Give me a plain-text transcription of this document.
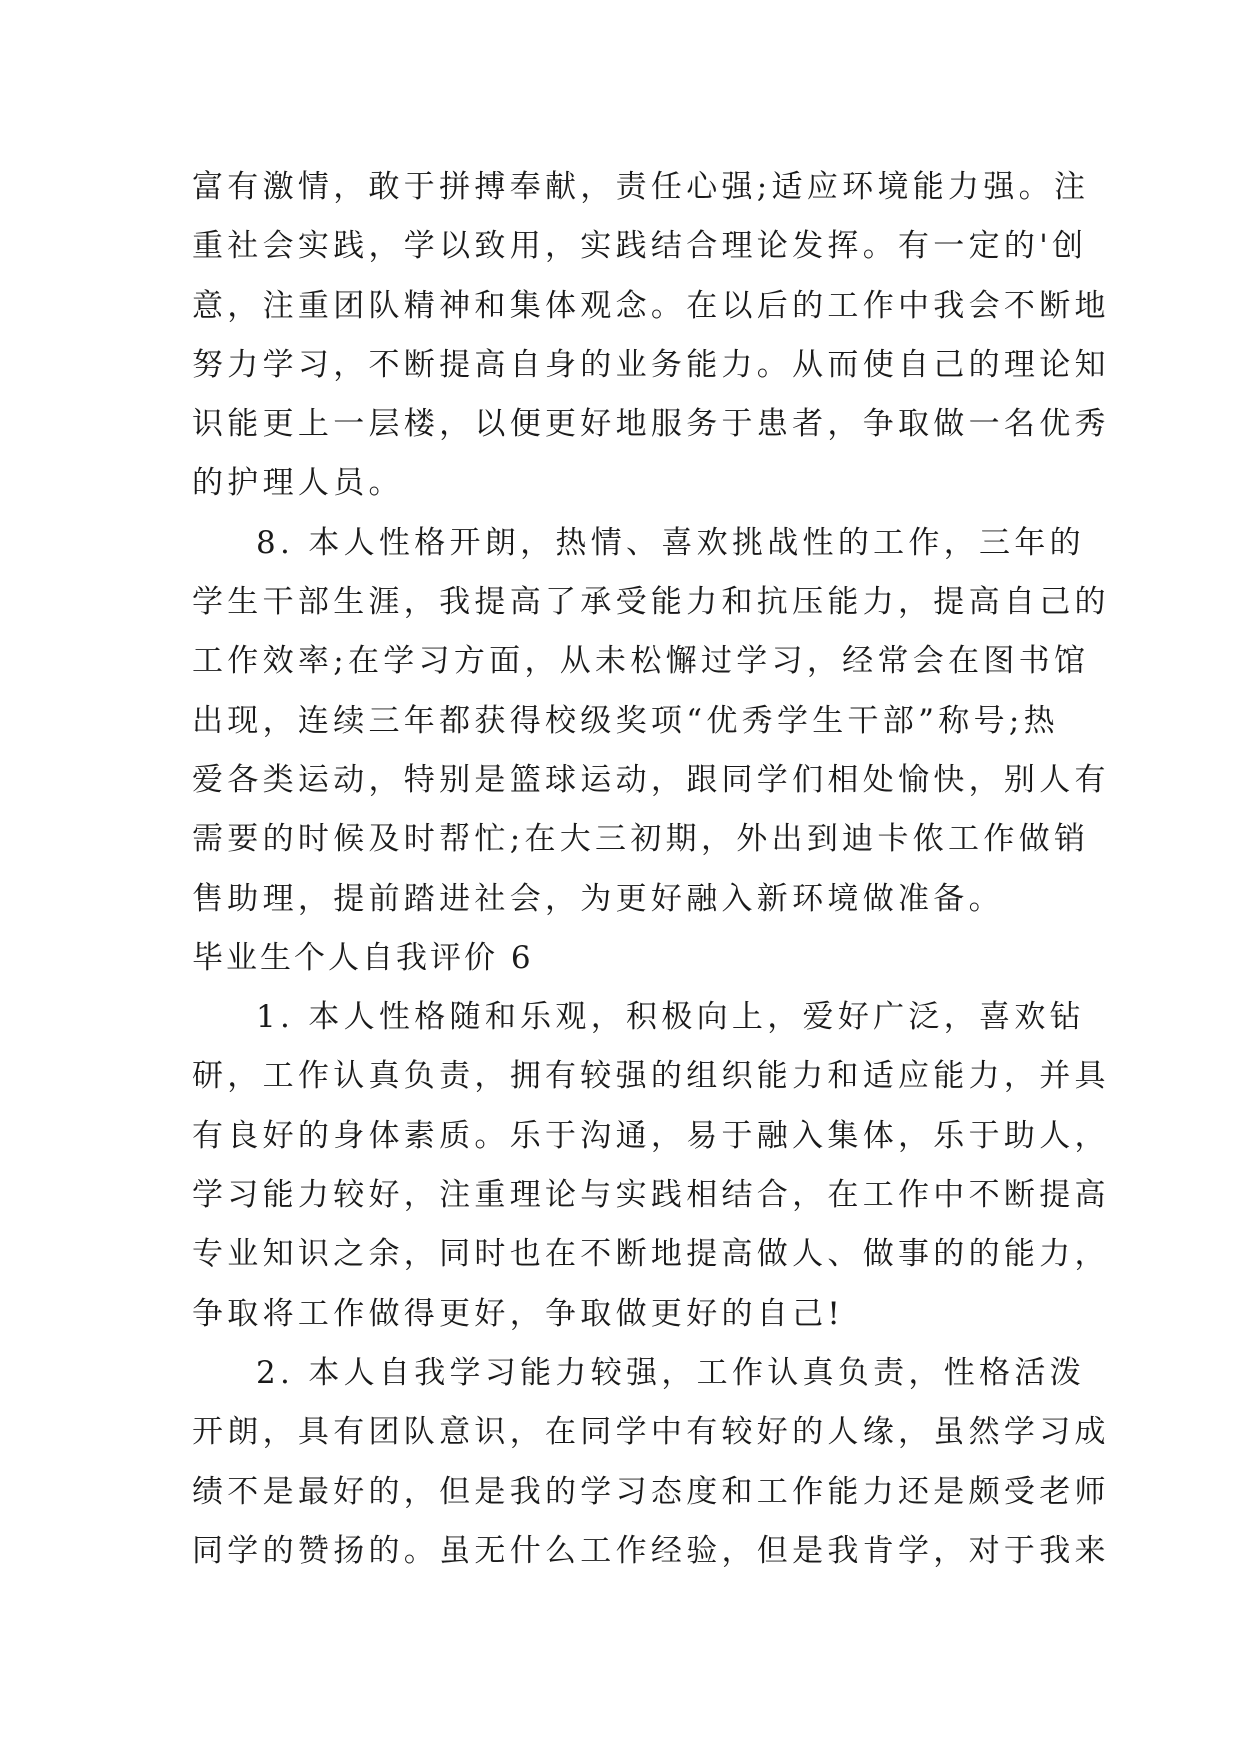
富有激情，敢于拼搏奉献，责任心强;适应环境能力强。注
重社会实践，学以致用，实践结合理论发挥。有一定的'创
意，注重团队精神和集体观念。在以后的工作中我会不断地
努力学习，不断提高自身的业务能力。从而使自己的理论知
识能更上一层楼，以便更好地服务于患者，争取做一名优秀
的护理人员。
8. 本人性格开朗，热情、喜欢挑战性的工作，三年的
学生干部生涯，我提高了承受能力和抗压能力，提高自己的
工作效率;在学习方面，从未松懈过学习，经常会在图书馆
出现，连续三年都获得校级奖项“优秀学生干部”称号;热
爱各类运动，特别是篮球运动，跟同学们相处愉快，别人有
需要的时候及时帮忙;在大三初期，外出到迪卡侬工作做销
售助理，提前踏进社会，为更好融入新环境做准备。
毕业生个人自我评价 6
1. 本人性格随和乐观，积极向上，爱好广泛，喜欢钻
研，工作认真负责，拥有较强的组织能力和适应能力，并具
有良好的身体素质。乐于沟通，易于融入集体，乐于助人，
学习能力较好，注重理论与实践相结合，在工作中不断提高
专业知识之余，同时也在不断地提高做人、做事的的能力，
争取将工作做得更好，争取做更好的自己!
2. 本人自我学习能力较强，工作认真负责，性格活泼
开朗，具有团队意识，在同学中有较好的人缘，虽然学习成
绩不是最好的，但是我的学习态度和工作能力还是颇受老师
同学的赞扬的。虽无什么工作经验，但是我肯学，对于我来
